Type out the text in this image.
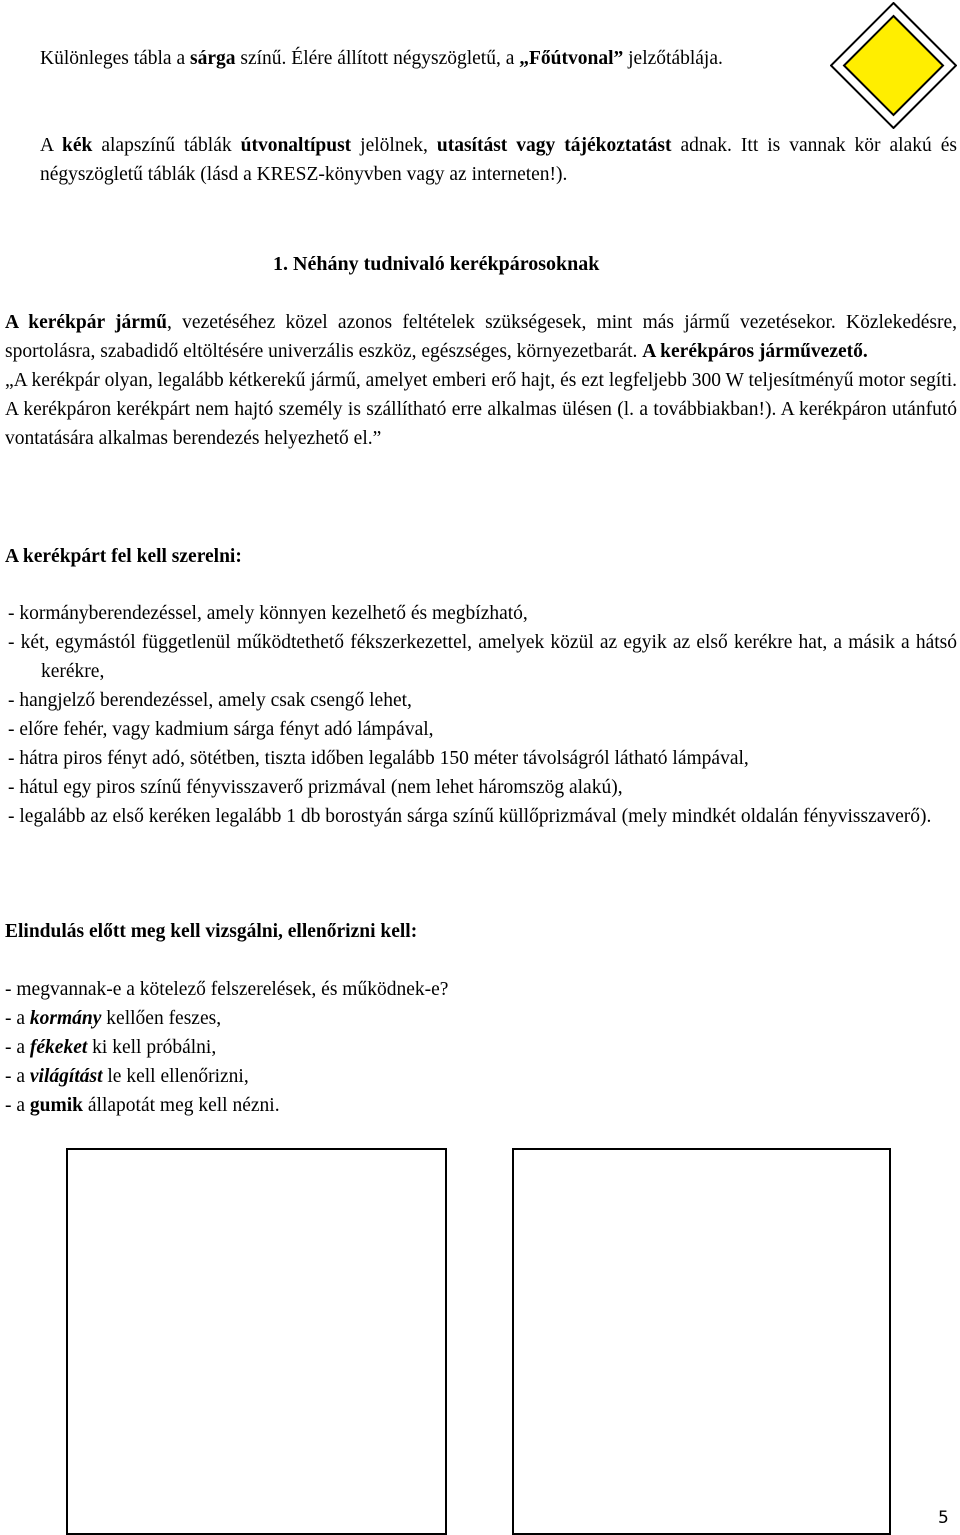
Különleges tábla a sárga színű. Élére állított négyszögletű, a „Főútvonal” jelzőtáblája.

A kék alapszínű táblák útvonaltípust jelölnek, utasítást vagy tájékoztatást adnak. Itt is vannak kör alakú és négyszögletű táblák (lásd a KRESZ-könyvben vagy az interneten!).

1. Néhány tudnivaló kerékpárosoknak

A kerékpár jármű, vezetéséhez közel azonos feltételek szükségesek, mint más jármű vezetésekor. Közlekedésre, sportolásra, szabadidő eltöltésére univerzális eszköz, egészséges, környezetbarát. A kerékpáros járművezető.

„A kerékpár olyan, legalább kétkerekű jármű, amelyet emberi erő hajt, és ezt legfeljebb 300 W teljesítményű motor segíti. A kerékpáron kerékpárt nem hajtó személy is szállítható erre alkalmas ülésen (l. a továbbiakban!). A kerékpáron utánfutó vontatására alkalmas berendezés helyezhető el.”

A kerékpárt fel kell szerelni:

- kormányberendezéssel, amely könnyen kezelhető és megbízható,

- két, egymástól függetlenül működtethető fékszerkezettel, amelyek közül az egyik az első kerékre hat, a másik a hátsó kerékre,

- hangjelző berendezéssel, amely csak csengő lehet,

- előre fehér, vagy kadmium sárga fényt adó lámpával,

- hátra piros fényt adó, sötétben, tiszta időben legalább 150 méter távolságról látható lámpával,

- hátul egy piros színű fényvisszaverő prizmával (nem lehet háromszög alakú),

- legalább az első keréken legalább 1 db borostyán sárga színű küllőprizmával (mely mindkét oldalán fényvisszaverő).

Elindulás előtt meg kell vizsgálni, ellenőrizni kell:

- megvannak-e a kötelező felszerelések, és működnek-e?

- a kormány kellően feszes,

- a fékeket ki kell próbálni,

- a világítást le kell ellenőrizni,

- a gumik állapotát meg kell nézni.

5
